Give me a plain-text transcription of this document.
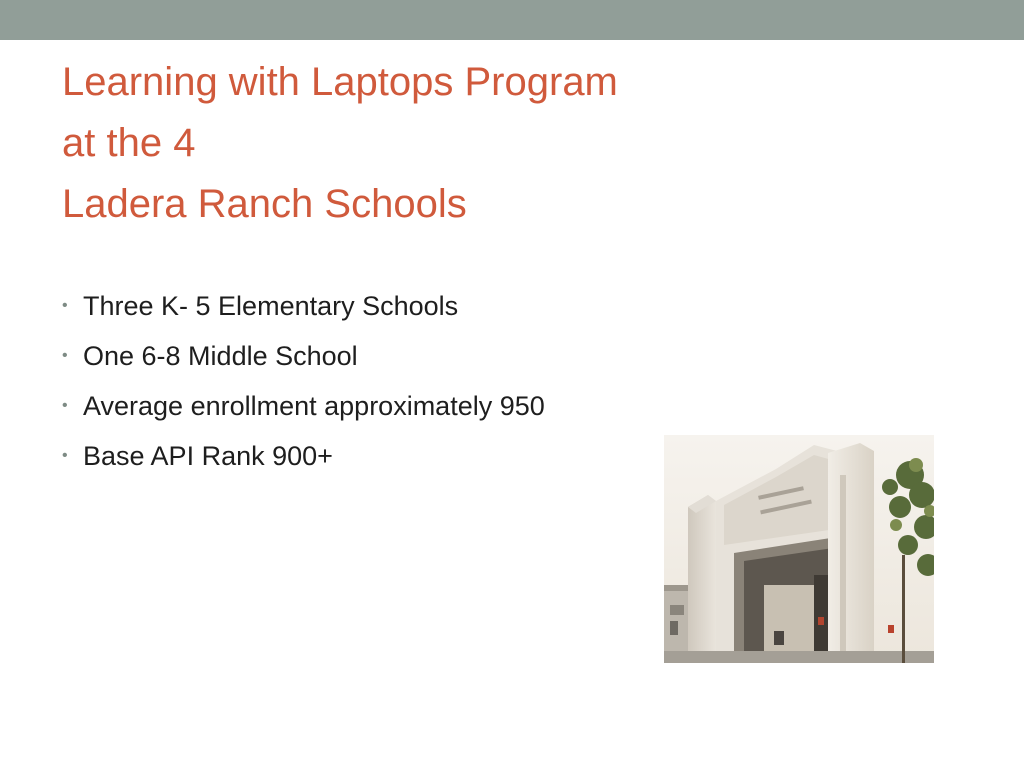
Learning with Laptops Program
at the 4
Ladera Ranch Schools
• Three K- 5 Elementary Schools
• One 6-8 Middle School
• Average enrollment approximately 950
• Base API Rank 900+
